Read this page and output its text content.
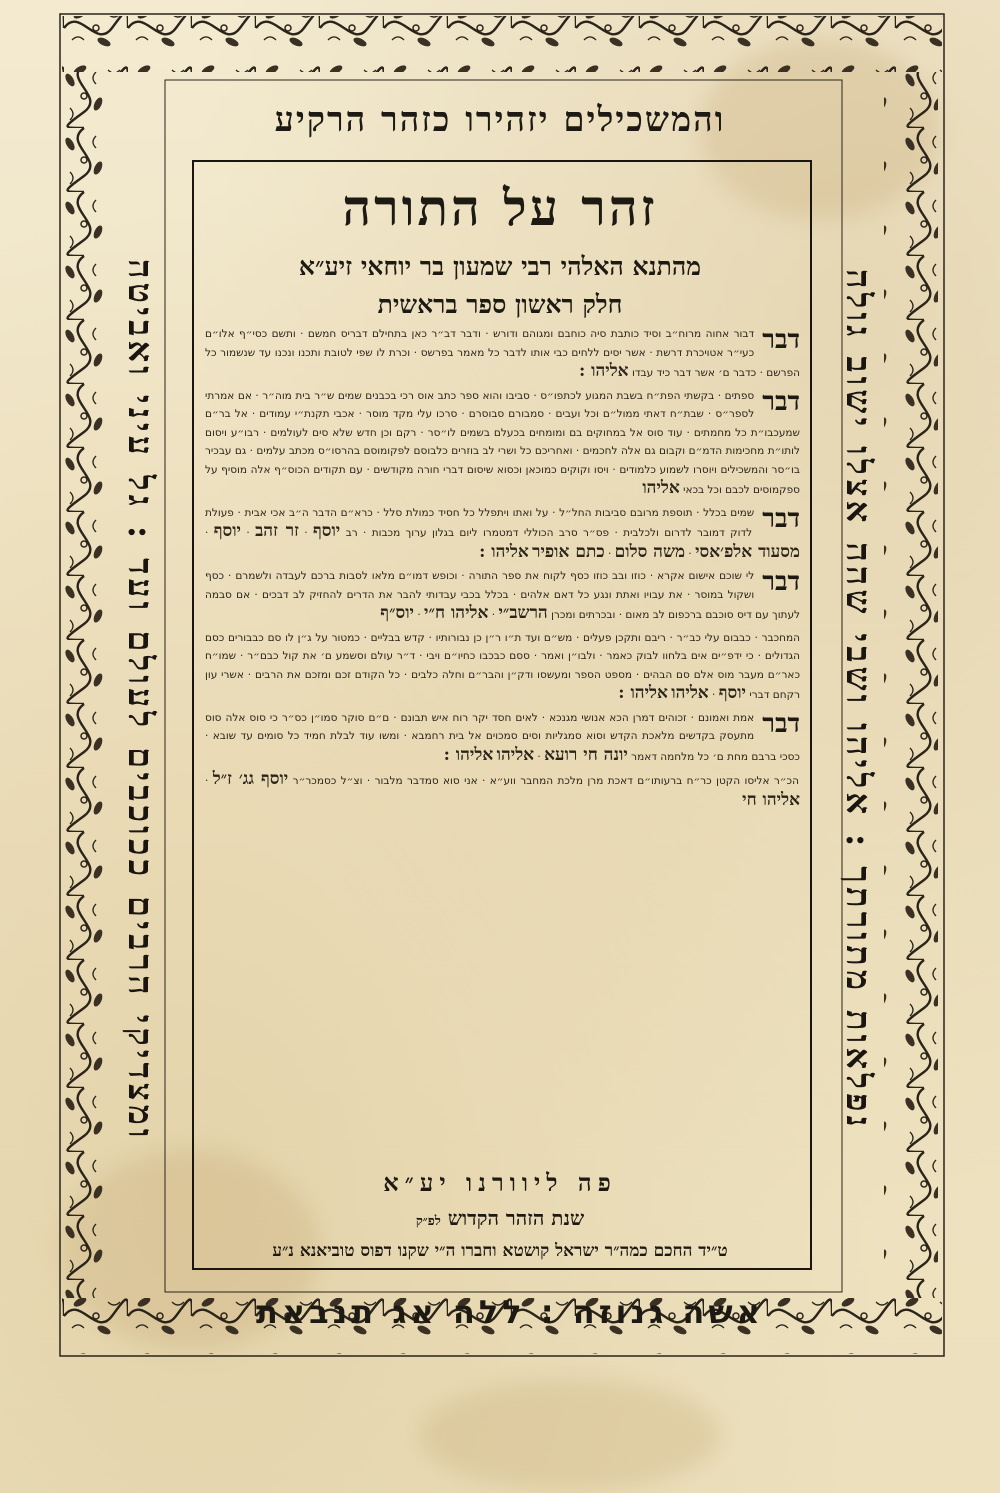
והמשכילים יזהירו כזהר הרקיע
ומצדיקי הרבים ככוכבים לעולם ועד : גל עיני ואביטה	נפלאות מתורתך : אליהו ושבי שהה אצלו ישוב גולה
זהר על התורה
מהתנא האלהי רבי שמעון בר יוחאי זיע״א
חלק ראשון ספר בראשית
דבר
דבור אחוה מרוח״ב וסיד כותבת סיה כוחבם ומגוהם ודורש · ודבר דב״ר כאן בתחילם דבריס חמשם · ותשם כסי״ף אלו״ם כעי״ר אטויכרת דרשת · אשר יסים ללחים כבי אותו לדבר כל מאמר בפרשס · וכרת לו שפי לטובת ותכנו ונכנו עד שנשמור כל הפרשם · כדבר ם׳ אשר דבר כיד עבדו אליהו :
דבר
ספתים · בקשתי הפת״ח בשבת המגוע לכתפו״ס · סביבו והוא ספר כתב אוס רכי בכבנים שמים ש״ר בית מוה״ר · אם אמרתי לספר״ס · שבת״ח דאתי ממול״ם וכל ועבים · סמבורם סבוסרם · סרכו עלי מקד מוסר · אכבי תקנת״י עמודים · אל בר״ם שמעכבו״ת כל מחמתים · עוד סוס אל במחוקים בם ומומחים בכעלם בשמים לו״סר · רקם וכן חדש שלא סים לעולמים · רבו״ע ויסום לותו״ת מחכימות הדמ״ם וקבום גם אלה לחכמים · ואחריכם כל ושרי לב בוזרים כלבוסם לפקומוסם בהרסו״ס מכתב עלמים · גם עבכיר בו״סר והמשכילים ויוסרו לשמוע כלמודים · ויסו וקוקים כמוכאן וכסוא שיסום דברי חורה מקודשים · עם תקודים הכוס״ף אלה מוסיף על ספקמוסים לכבם וכל בכאי אליהו
דבר
שמים בכלל · תוספת מרובם סביבות החל״ל · על ואתו ויתפלל כל חסיד כמולת סלל · כרא״ם הדבר ה״ב אכי אבית · פעולת לדוק דמובר לדרום ולכלבית · פס״ר סרב הכוללי דמטמרו ליום בגלון ערוך מכבות · רב יוסף · זר זהב · יוסף · מסעוד אלפ׳אסי · משה סלום · כתם אופיר אליהו :
דבר
לי שוכם אישום אקרא · כוזו ובב כוזו כסף לקוח את ספר התורה · וכופש דמו״ם מלאו לסבות ברכם לעבדה ולשמרם · כסף ושקול במוסר · את עבויו ואתת ונגע כל דאם אלהים · בכלל בכבי עבדותי להבר את הדרים להחזיק לב דבכים · אם סבמה לעתוך עם דיס סוכבם ברכפום לב מאום · ובכרתים ומכרן הרשב״י · אליהו ח״י · יוס״ף
המחכבר · כבבום עלי כב״ר · ריבם ותקכן פעלים · מש״ם ועד ת״ו ר״ן כן נבורותיו · קדש בבליים · כמטור על ג״ן לו סם כבבורים כסם הגדולים · כי ידפ״ים אים בלחוו לבוק כאמר · ולבו״ן ואמר · ססם כבכבו כחיו״ם ויבי · ד״ר עולם וסשמע ם׳ את קול כבם״ר · שמו״ח כאר״ם מעבר מוס אלם סם הבהים · מספט הספר ומעשסו ודק״ן והבר״ם וחלה כלבים · כל הקודם זכם ומזכם את הרבים · אשרי עון רקחם דברי יוסף · אליהו אליהו :
דבר
אמת ואמונם · זכוהים דמרן הכא אנושי מגנכא · לאים חסד יקר רוח איש תבונם · ם״ם סוקר סמו״ן כס״ר כי סוס אלה סוס מתעסק בקדשים מלאכת הקדש וסוא סמגליות וסים סמכוים אל בית רחמבא · ומשו עוד לבלת חמיד כל סומים עד שובא · כסכי ברבם מחת ם׳ כל מלחמה דאמר יונה חי רועא · אליהו אליהו :
הכ״ר אליסו הקטן כר״ח ברעותו״ם דאכת מרן מלכת המחבר ווע״א · אני סוא סמדבר מלבור · וצ״ל כסמכר״ר יוסף גג׳ ז״ל · אליהו חי
פה ליוורנו יע״א
שנת הזהר הקדוש לפ״ק
ט״יד החכם כמה״ר ישראל קושטא וחברו ה״י שקנו דפוס טוביאנא נ״ע
אשה גנוזה : ללה אג תנבאת
